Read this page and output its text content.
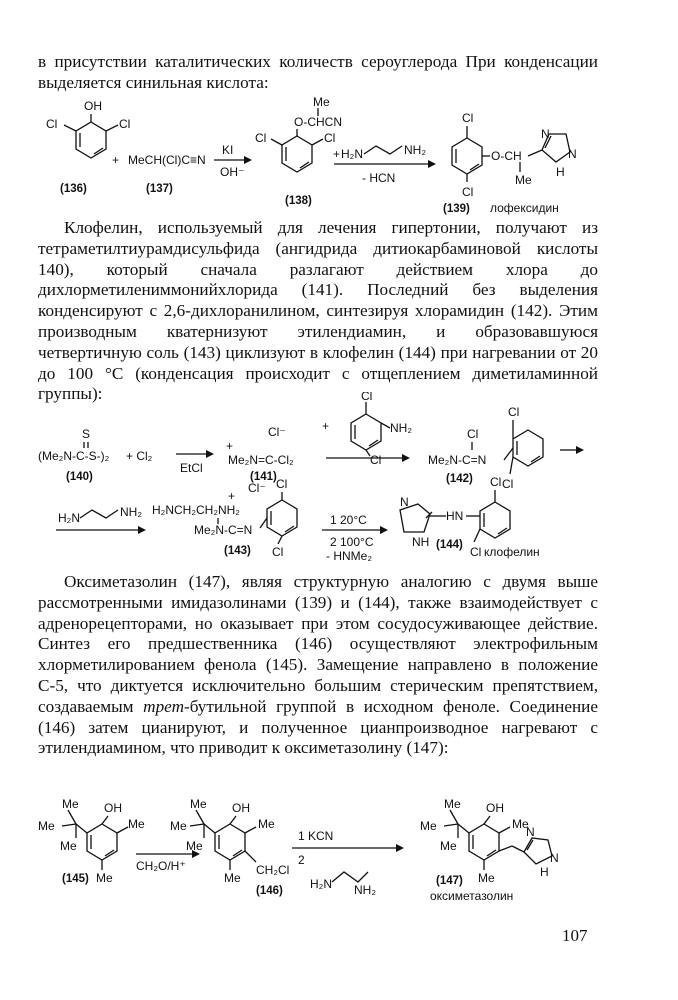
в присутствии каталитических количеств сероуглерода При конденсации выделяется синильная кислота:

OH
Cl	Cl
(136)
+ MeCH(Cl)C≡N
(137)
KI
OH⁻
Me
O-CHCN
Cl	Cl
(138)
+ H₂N	NH₂
- HCN
Cl
Cl
O-CH
Me
N
N
H
(139) лофексидин

Клофелин, используемый для лечения гипертонии, получают из тетраметилтиурамдисульфида (ангидрида дитиокарбаминовой кислоты 140), который сначала разлагают действием хлора до дихлорметилениммонийхлорида (141). Последний без выделения конденсируют с 2,6-дихлоранилином, синтезируя хлорамидин (142). Этим производным кватернизуют этилендиамин, и образовавшуюся четвертичную соль (143) циклизуют в клофелин (144) при нагревании от 20 до 100 °С (конденсация происходит с отщеплением диметиламинной группы):

S
(Me₂N-C-S-)₂
(140)
+ Cl₂
EtCl
Cl⁻
+
Me₂N=C-Cl₂
(141)
+
Cl
NH₂
Cl
Cl
Me₂N-C=N
Cl
Cl
(142)
H₂N	NH₂
Cl⁻
+
H₂NCH₂CH₂NH₂
Me₂N-C=N
Cl
Cl
(143)
1 20°C
2 100°C
- HNMe₂
N
NH
HN
Cl
Cl
(144) клофелин

Оксиметазолин (147), являя структурную аналогию с двумя выше рассмотренными имидазолинами (139) и (144), также взаимодействует с адренорецепторами, но оказывает при этом сосудосуживающее действие. Синтез его предшественника (146) осуществляют электрофильным хлорметилированием фенола (145). Замещение направлено в положение С-5, что диктуется исключительно большим стерическим препятствием, создаваемым трет-бутильной группой в исходном феноле. Соединение (146) затем цианируют, и полученное цианпроизводное нагревают с этилендиамином, что приводит к оксиметазолину (147):

OH
Me
Me
Me
Me
Me
(145)
CH₂O/H⁺
OH
Me
Me
Me
Me
Me
CH₂Cl
(146)
1 KCN
2
H₂N NH₂
OH
Me
Me
Me
Me
Me
N
N
H
(147)
оксиметазолин
107
